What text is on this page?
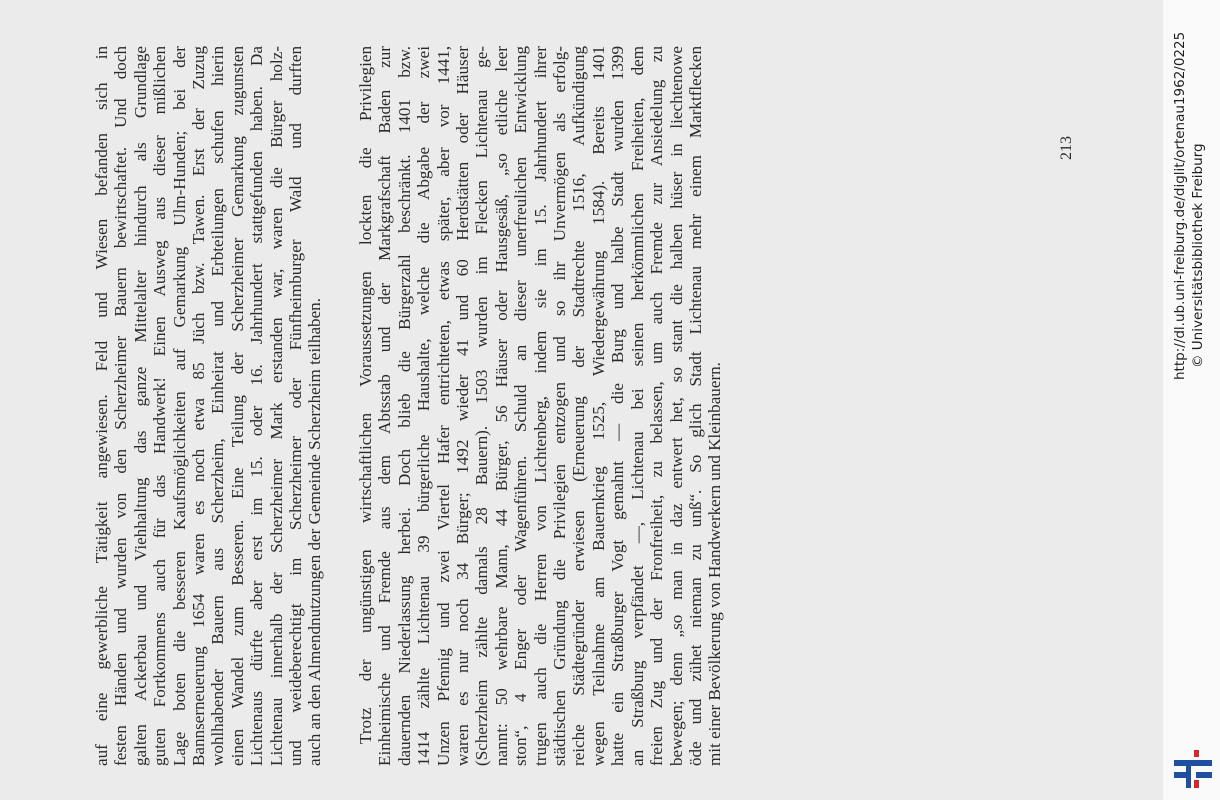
auf eine gewerbliche Tätigkeit angewiesen. Feld und Wiesen befanden sich in festen Händen und wurden von den Scherzheimer Bauern bewirtschaftet. Und doch galten Ackerbau und Viehhaltung das ganze Mittelalter hindurch als Grundlage guten Fortkommens auch für das Handwerk! Einen Ausweg aus dieser mißlichen Lage boten die besseren Kaufsmöglichkeiten auf Gemarkung Ulm-Hunden; bei der Bannserneuerung 1654 waren es noch etwa 85 Jüch bzw. Tawen. Erst der Zuzug wohlhabender Bauern aus Scherzheim, Einheirat und Erbteilungen schufen hierin einen Wandel zum Besseren. Eine Teilung der Scherzheimer Gemarkung zugunsten Lichtenaus dürfte aber erst im 15. oder 16. Jahrhundert stattgefunden haben. Da Lichtenau innerhalb der Scherzheimer Mark erstanden war, waren die Bürger holz- und weideberechtigt im Scherzheimer oder Fünfheimburger Wald und durften auch an den Almendnutzungen der Gemeinde Scherzheim teilhaben. Trotz der ungünstigen wirtschaftlichen Voraussetzungen lockten die Privilegien Einheimische und Fremde aus dem Abtsstab und der Markgrafschaft Baden zur dauernden Niederlassung herbei. Doch blieb die Bürgerzahl beschränkt. 1401 bzw. 1414 zählte Lichtenau 39 bürgerliche Haushalte, welche die Abgabe der zwei Unzen Pfennig und zwei Viertel Hafer entrichteten, etwas später, aber vor 1441, waren es nur noch 34 Bürger; 1492 wieder 41 und 60 Herdstätten oder Häuser (Scherzheim zählte damals 28 Bauern). 1503 wurden im Flecken Lichtenau ge- nannt: 50 wehrbare Mann, 44 Bürger, 56 Häuser oder Hausgesäß, „so etliche leer ston“, 4 Enger oder Wagenführen. Schuld an dieser unerfreulichen Entwicklung trugen auch die Herren von Lichtenberg, indem sie im 15. Jahrhundert ihrer städtischen Gründung die Privilegien entzogen und so ihr Unvermögen als erfolg- reiche Städtegründer erwiesen (Erneuerung der Stadtrechte 1516, Aufkündigung wegen Teilnahme am Bauernkrieg 1525, Wiedergewährung 1584). Bereits 1401 hatte ein Straßburger Vogt gemahnt — die Burg und halbe Stadt wurden 1399 an Straßburg verpfändet —, Lichtenau bei seinen herkömmlichen Freiheiten, dem freien Zug und der Fronfreiheit, zu belassen, um auch Fremde zur Ansiedelung zu bewegen; denn „so man in daz entwert het, so stant die halben hüser in liechtenowe öde und zühet nieman zu unß“. So glich Stadt Lichtenau mehr einem Marktflecken mit einer Bevölkerung von Handwerkern und Kleinbauern.
213	http://dl.ub.uni-freiburg.de/diglit/ortenau1962/0225 © Universitätsbibliothek Freiburg
